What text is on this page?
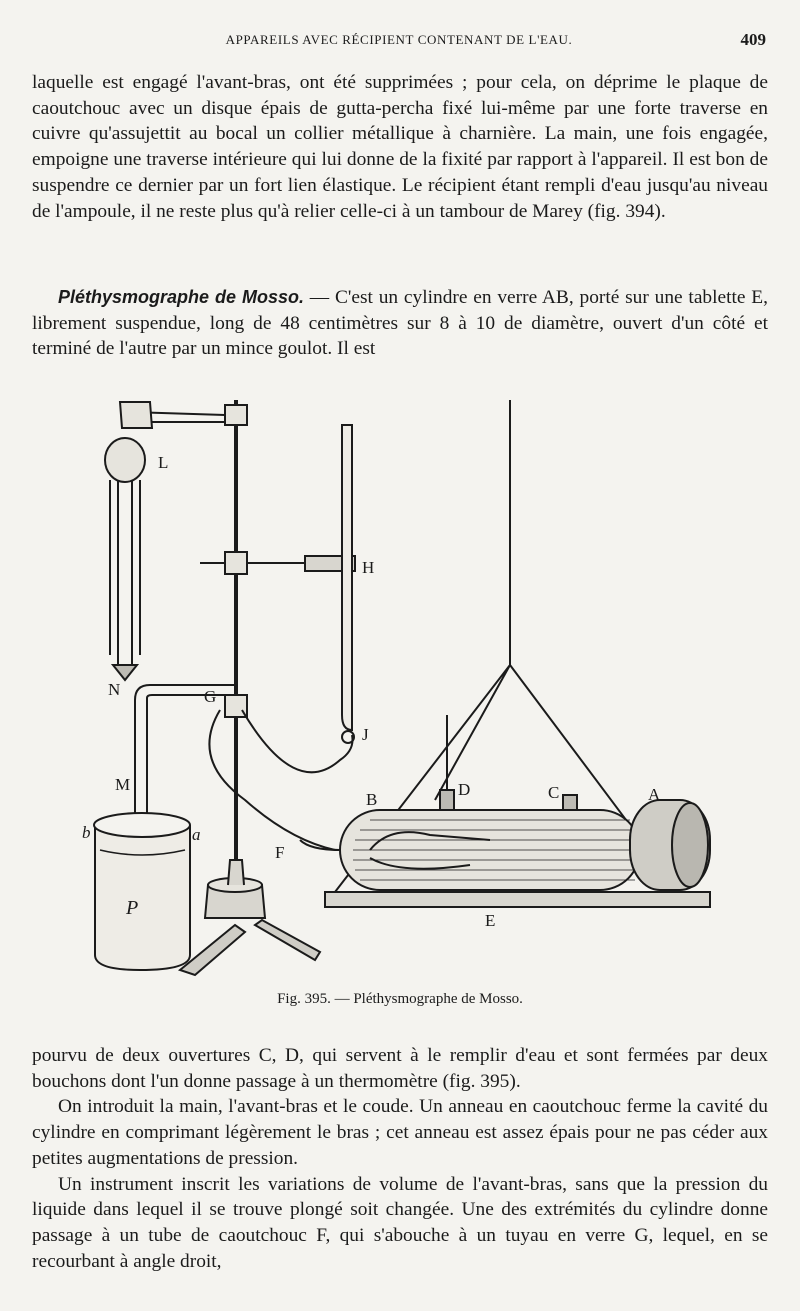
APPAREILS AVEC RÉCIPIENT CONTENANT DE L'EAU.	409

laquelle est engagé l'avant-bras, ont été supprimées ; pour cela, on déprime le plaque de caoutchouc avec un disque épais de gutta-percha fixé lui-même par une forte traverse en cuivre qu'assujettit au bocal un collier métallique à charnière. La main, une fois engagée, empoigne une traverse intérieure qui lui donne de la fixité par rapport à l'appareil. Il est bon de suspendre ce dernier par un fort lien élastique. Le récipient étant rempli d'eau jusqu'au niveau de l'ampoule, il ne reste plus qu'à relier celle-ci à un tambour de Marey (fig. 394).

Pléthysmographe de Mosso. — C'est un cylindre en verre AB, porté sur une tablette E, librement suspendue, long de 48 centimètres sur 8 à 10 de diamètre, ouvert d'un côté et terminé de l'autre par un mince goulot. Il est

L
H
N	G
J
M
b	a
P
B
D	C	A
F
E
Fig. 395. — Pléthysmographe de Mosso.

pourvu de deux ouvertures C, D, qui servent à le remplir d'eau et sont fermées par deux bouchons dont l'un donne passage à un thermomètre (fig. 395).

On introduit la main, l'avant-bras et le coude. Un anneau en caoutchouc ferme la cavité du cylindre en comprimant légèrement le bras ; cet anneau est assez épais pour ne pas céder aux petites augmentations de pression.

Un instrument inscrit les variations de volume de l'avant-bras, sans que la pression du liquide dans lequel il se trouve plongé soit changée. Une des extrémités du cylindre donne passage à un tube de caoutchouc F, qui s'abouche à un tuyau en verre G, lequel, en se recourbant à angle droit,
